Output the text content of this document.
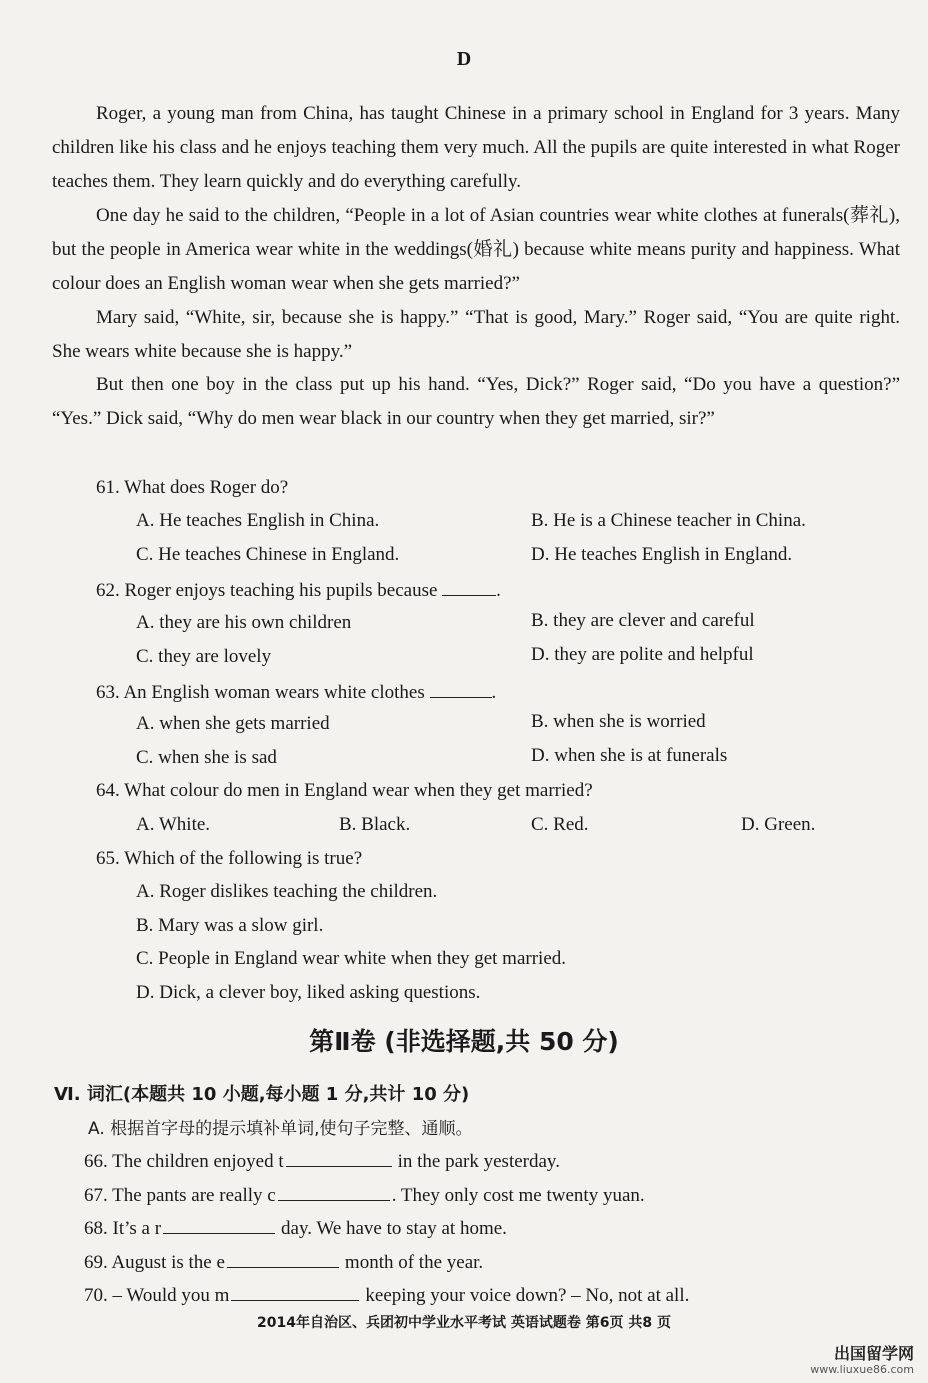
D
Roger, a young man from China, has taught Chinese in a primary school in England for 3 years. Many children like his class and he enjoys teaching them very much. All the pupils are quite interested in what Roger teaches them. They learn quickly and do everything carefully.
One day he said to the children, “People in a lot of Asian countries wear white clothes at funerals(葬礼), but the people in America wear white in the weddings(婚礼) because white means purity and happiness. What colour does an English woman wear when she gets married?”
Mary said, “White, sir, because she is happy.” “That is good, Mary.” Roger said, “You are quite right. She wears white because she is happy.”
But then one boy in the class put up his hand. “Yes, Dick?” Roger said, “Do you have a question?” “Yes.” Dick said, “Why do men wear black in our country when they get married, sir?”
61. What does Roger do?
A. He teaches English in China.	B. He is a Chinese teacher in China.
C. He teaches Chinese in England.	D. He teaches English in England.
62. Roger enjoys teaching his pupils because	.
A. they are his own children	B. they are clever and careful
C. they are lovely	D. they are polite and helpful
63. An English woman wears white clothes	.
A. when she gets married	B. when she is worried
C. when she is sad	D. when she is at funerals
64. What colour do men in England wear when they get married?
A. White.	B. Black.	C. Red.	D. Green.
65. Which of the following is true?
A. Roger dislikes teaching the children.
B. Mary was a slow girl.
C. People in England wear white when they get married.
D. Dick, a clever boy, liked asking questions.
第Ⅱ卷 (非选择题,共 50 分)
Ⅵ. 词汇(本题共 10 小题,每小题 1 分,共计 10 分)
A. 根据首字母的提示填补单词,使句子完整、通顺。
66. The children enjoyed t	in the park yesterday.
67. The pants are really c	. They only cost me twenty yuan.
68. It’s a r	day. We have to stay at home.
69. August is the e	month of the year.
70. – Would you m	keeping your voice down? – No, not at all.
2014年自治区、兵团初中学业水平考试 英语试题卷 第6页 共8 页
出国留学网
www.liuxue86.com
